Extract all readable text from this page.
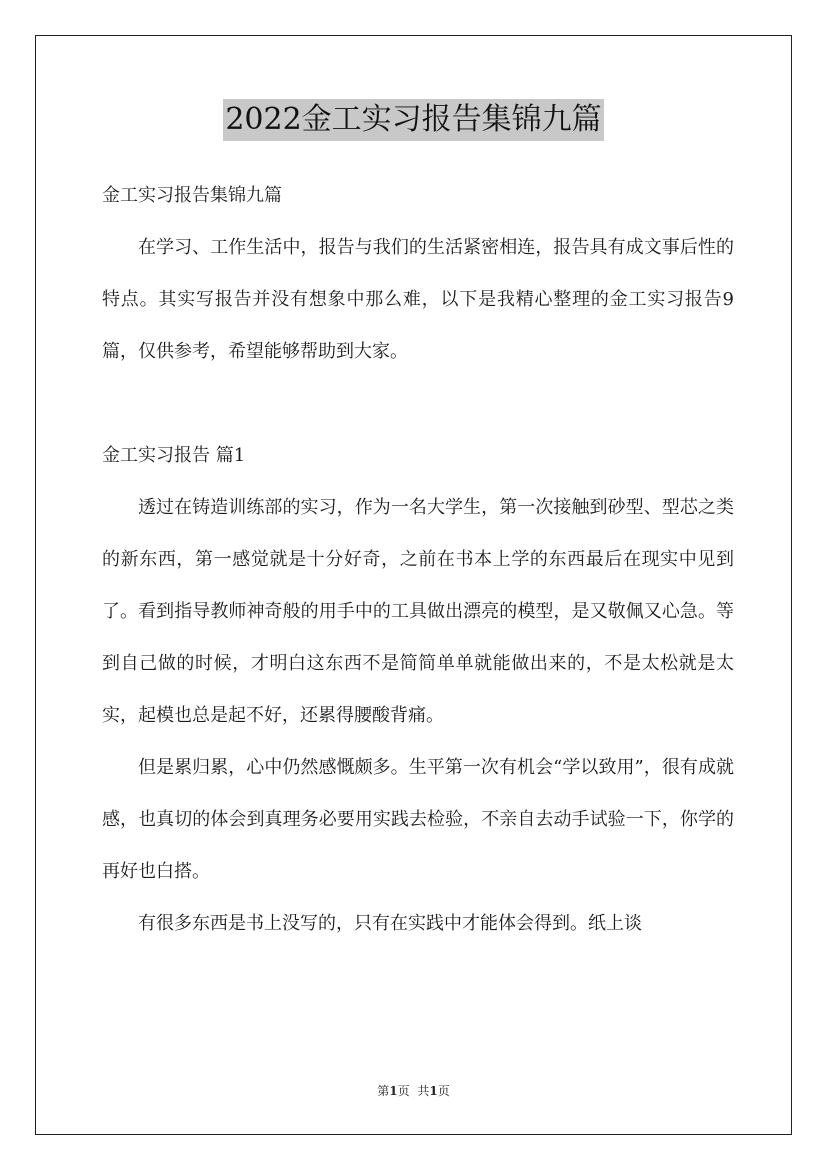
2022金工实习报告集锦九篇

金工实习报告集锦九篇

在学习、工作生活中，报告与我们的生活紧密相连，报告具有成文事后性的特点。其实写报告并没有想象中那么难，以下是我精心整理的金工实习报告9篇，仅供参考，希望能够帮助到大家。

金工实习报告 篇1

透过在铸造训练部的实习，作为一名大学生，第一次接触到砂型、型芯之类的新东西，第一感觉就是十分好奇，之前在书本上学的东西最后在现实中见到了。看到指导教师神奇般的用手中的工具做出漂亮的模型，是又敬佩又心急。等到自己做的时候，才明白这东西不是简简单单就能做出来的，不是太松就是太实，起模也总是起不好，还累得腰酸背痛。

但是累归累，心中仍然感慨颇多。生平第一次有机会“学以致用”，很有成就感，也真切的体会到真理务必要用实践去检验，不亲自去动手试验一下，你学的再好也白搭。

有很多东西是书上没写的，只有在实践中才能体会得到。纸上谈

第1页 共1页
